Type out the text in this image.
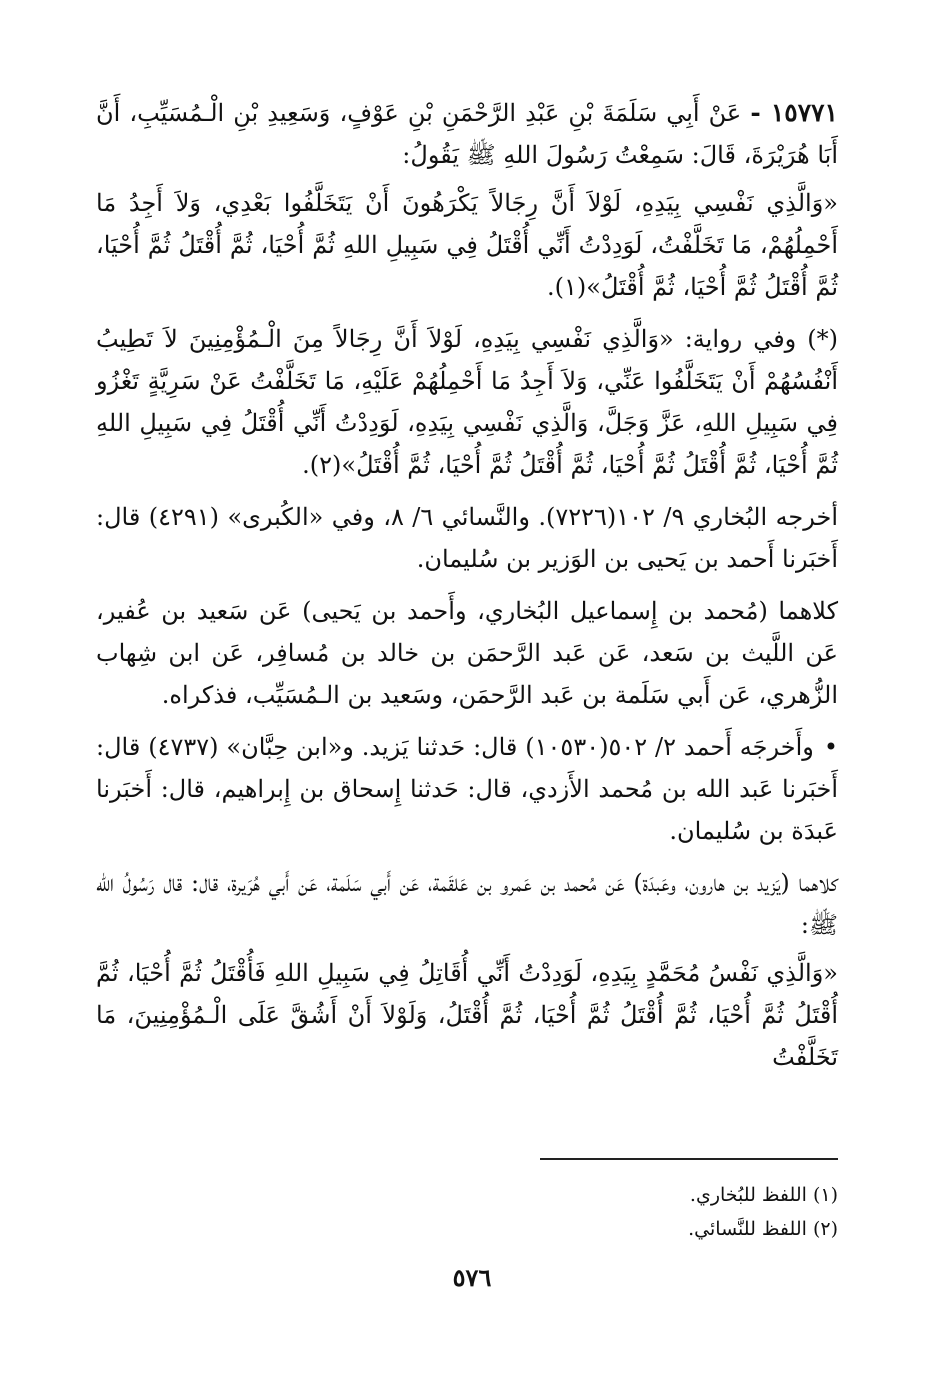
١٥٧٧١ - عَنْ أَبِي سَلَمَةَ بْنِ عَبْدِ الرَّحْمَنِ بْنِ عَوْفٍ، وَسَعِيدِ بْنِ الْـمُسَيِّبِ، أَنَّ أَبَا هُرَيْرَةَ، قَالَ: سَمِعْتُ رَسُولَ اللهِ ﷺ يَقُولُ:

«وَالَّذِي نَفْسِي بِيَدِهِ، لَوْلاَ أَنَّ رِجَالاً يَكْرَهُونَ أَنْ يَتَخَلَّفُوا بَعْدِي، وَلاَ أَجِدُ مَا أَحْمِلُهُمْ، مَا تَخَلَّفْتُ، لَوَدِدْتُ أَنِّي أُقْتَلُ فِي سَبِيلِ اللهِ ثُمَّ أُحْيَا، ثُمَّ أُقْتَلُ ثُمَّ أُحْيَا، ثُمَّ أُقْتَلُ ثُمَّ أُحْيَا، ثُمَّ أُقْتَلُ»(١).

(*) وفي رواية: «وَالَّذِي نَفْسِي بِيَدِهِ، لَوْلاَ أَنَّ رِجَالاً مِنَ الْـمُؤْمِنِينَ لاَ تَطِيبُ أَنْفُسُهُمْ أَنْ يَتَخَلَّفُوا عَنِّي، وَلاَ أَجِدُ مَا أَحْمِلُهُمْ عَلَيْهِ، مَا تَخَلَّفْتُ عَنْ سَرِيَّةٍ تَغْزُو فِي سَبِيلِ اللهِ، عَزَّ وَجَلَّ، وَالَّذِي نَفْسِي بِيَدِهِ، لَوَدِدْتُ أَنِّي أُقْتَلُ فِي سَبِيلِ اللهِ ثُمَّ أُحْيَا، ثُمَّ أُقْتَلُ ثُمَّ أُحْيَا، ثُمَّ أُقْتَلُ ثُمَّ أُحْيَا، ثُمَّ أُقْتَلُ»(٢).

أخرجه البُخاري ٩/ ١٠٢(٧٢٢٦). والنَّسائي ٦/ ٨، وفي «الكُبرى» (٤٢٩١) قال: أَخبَرنا أَحمد بن يَحيى بن الوَزير بن سُليمان.

كلاهما (مُحمد بن إِسماعيل البُخاري، وأَحمد بن يَحيى) عَن سَعيد بن عُفير، عَن اللَّيث بن سَعد، عَن عَبد الرَّحمَن بن خالد بن مُسافِر، عَن ابن شِهاب الزُّهري، عَن أَبي سَلَمة بن عَبد الرَّحمَن، وسَعيد بن الـمُسَيِّب، فذكراه.

•وأَخرجَه أَحمد ٢/ ٥٠٢(١٠٥٣٠) قال: حَدثنا يَزيد. و«ابن حِبَّان» (٤٧٣٧) قال: أَخبَرنا عَبد الله بن مُحمد الأَزدي، قال: حَدثنا إِسحاق بن إِبراهيم، قال: أَخبَرنا عَبدَة بن سُليمان.

كلاهما (يَزيد بن هارون، وعَبدَة) عَن مُحمد بن عَمرو بن عَلقَمة، عَن أَبي سَلَمة، عَن أَبي هُرَيرة، قال: قال رَسُولُ الله ﷺ:

«وَالَّذِي نَفْسُ مُحَمَّدٍ بِيَدِهِ، لَوَدِدْتُ أَنِّي أُقَاتِلُ فِي سَبِيلِ اللهِ فَأُقْتَلُ ثُمَّ أُحْيَا، ثُمَّ أُقْتَلُ ثُمَّ أُحْيَا، ثُمَّ أُقْتَلُ ثُمَّ أُحْيَا، ثُمَّ أُقْتَلُ، وَلَوْلاَ أَنْ أَشُقَّ عَلَى الْـمُؤْمِنِينَ، مَا تَخَلَّفْتُ

(١) اللفظ للبُخاري.
(٢) اللفظ للنَّسائي.
٥٧٦
